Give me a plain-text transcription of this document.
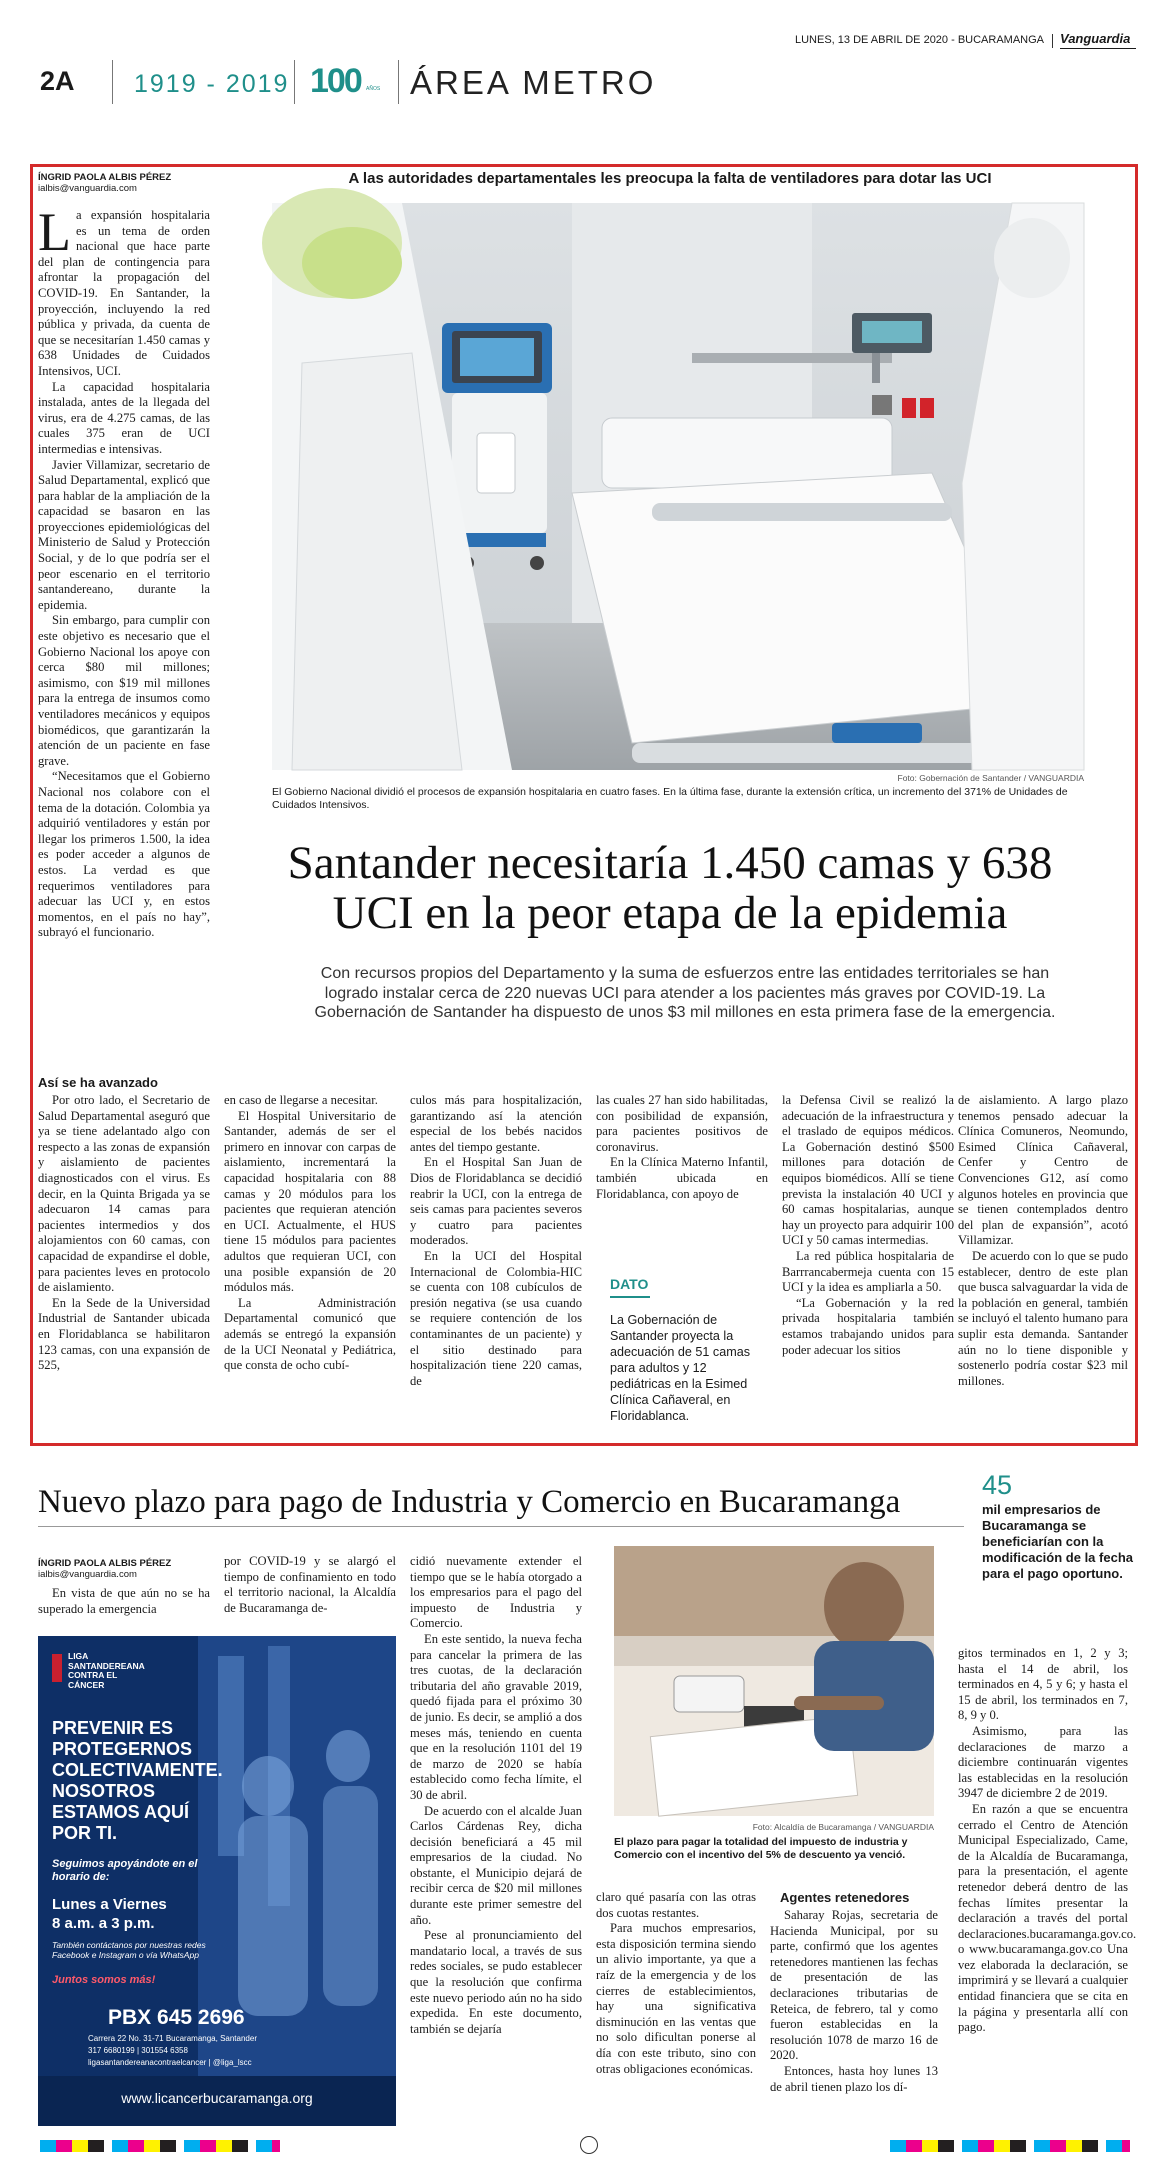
LUNES, 13 DE ABRIL DE 2020 - BUCARAMANGA Vanguardia
2A 1919 - 2019 100 AÑOS ÁREA METRO
ÍNGRID PAOLA ALBIS PÉREZ
ialbis@vanguardia.com

La expansión hospitalaria es un tema de orden nacional que hace parte del plan de contingencia para afrontar la propagación del COVID-19. En Santander, la proyección, incluyendo la red pública y privada, da cuenta de que se necesitarían 1.450 camas y 638 Unidades de Cuidados Intensivos, UCI.

La capacidad hospitalaria instalada, antes de la llegada del virus, era de 4.275 camas, de las cuales 375 eran de UCI intermedias e intensivas.

Javier Villamizar, secretario de Salud Departamental, explicó que para hablar de la ampliación de la capacidad se basaron en las proyecciones epidemiológicas del Ministerio de Salud y Protección Social, y de lo que podría ser el peor escenario en el territorio santandereano, durante la epidemia.

Sin embargo, para cumplir con este objetivo es necesario que el Gobierno Nacional los apoye con cerca $80 mil millones; asimismo, con $19 mil millones para la entrega de insumos como ventiladores mecánicos y equipos biomédicos, que garantizarán la atención de un paciente en fase grave.

“Necesitamos que el Gobierno Nacional nos colabore con el tema de la dotación. Colombia ya adquirió ventiladores y están por llegar los primeros 1.500, la idea es poder acceder a algunos de estos. La verdad es que requerimos ventiladores para adecuar las UCI y, en estos momentos, en el país no hay”, subrayó el funcionario.

A las autoridades departamentales les preocupa la falta de ventiladores para dotar las UCI
Foto: Gobernación de Santander / VANGUARDIA
El Gobierno Nacional dividió el procesos de expansión hospitalaria en cuatro fases. En la última fase, durante la extensión crítica, un incremento del 371% de Unidades de Cuidados Intensivos.
Santander necesitaría 1.450 camas y 638
UCI en la peor etapa de la epidemia
Con recursos propios del Departamento y la suma de esfuerzos entre las entidades territoriales se han logrado instalar cerca de 220 nuevas UCI para atender a los pacientes más graves por COVID-19. La Gobernación de Santander ha dispuesto de unos $3 mil millones en esta primera fase de la emergencia.
Así se ha avanzado

Por otro lado, el Secretario de Salud Departamental aseguró que ya se tiene adelantado algo con respecto a las zonas de expansión y aislamiento de pacientes diagnosticados con el virus. Es decir, en la Quinta Brigada ya se adecuaron 14 camas para pacientes intermedios y dos alojamientos con 60 camas, con capacidad de expandirse el doble, para pacientes leves en protocolo de aislamiento.

En la Sede de la Universidad Industrial de Santander ubicada en Floridablanca se habilitaron 123 camas, con una expansión de 525,

en caso de llegarse a necesitar.

El Hospital Universitario de Santander, además de ser el primero en innovar con carpas de aislamiento, incrementará la capacidad hospitalaria con 88 camas y 20 módulos para los pacientes que requieran atención en UCI. Actualmente, el HUS tiene 15 módulos para pacientes adultos que requieran UCI, con una posible expansión de 20 módulos más.

La Administración Departamental comunicó que además se entregó la expansión de la UCI Neonatal y Pediátrica, que consta de ocho cubí-

culos más para hospitalización, garantizando así la atención especial de los bebés nacidos antes del tiempo gestante.

En el Hospital San Juan de Dios de Floridablanca se decidió reabrir la UCI, con la entrega de seis camas para pacientes severos y cuatro para pacientes moderados.

En la UCI del Hospital Internacional de Colombia-HIC se cuenta con 108 cubículos de presión negativa (se usa cuando se requiere contención de los contaminantes de un paciente) y el sitio destinado para hospitalización tiene 220 camas, de

las cuales 27 han sido habilitadas, con posibilidad de expansión, para pacientes positivos de coronavirus.

En la Clínica Materno Infantil, también ubicada en Floridablanca, con apoyo de

DATO
La Gobernación de Santander proyecta la adecuación de 51 camas para adultos y 12 pediátricas en la Esimed Clínica Cañaveral, en Floridablanca.

la Defensa Civil se realizó la adecuación de la infraestructura y el traslado de equipos médicos. La Gobernación destinó $500 millones para dotación de equipos biomédicos. Allí se tiene prevista la instalación 40 UCI y 60 camas hospitalarias, aunque hay un proyecto para adquirir 100 UCI y 50 camas intermedias.

La red pública hospitalaria de Barrrancabermeja cuenta con 15 UCI y la idea es ampliarla a 50.

“La Gobernación y la red privada hospitalaria también estamos trabajando unidos para poder adecuar los sitios

de aislamiento. A largo plazo tenemos pensado adecuar la Clínica Comuneros, Neomundo, Esimed Clínica Cañaveral, Cenfer y Centro de Convenciones G12, así como algunos hoteles en provincia que se tienen contemplados dentro del plan de expansión”, acotó Villamizar.

De acuerdo con lo que se pudo establecer, dentro de este plan que busca salvaguardar la vida de la población en general, también se incluyó el talento humano para suplir esta demanda. Santander aún no lo tiene disponible y sostenerlo podría costar $23 mil millones.

Nuevo plazo para pago de Industria y Comercio en Bucaramanga	45
mil empresarios de Bucaramanga se beneficiarían con la modificación de la fecha para el pago oportuno.
ÍNGRID PAOLA ALBIS PÉREZ
ialbis@vanguardia.com

En vista de que aún no se ha superado la emergencia

por COVID-19 y se alargó el tiempo de confinamiento en todo el territorio nacional, la Alcaldía de Bucaramanga de-

LIGA
SANTANDEREANA
CONTRA EL
CÁNCER
PREVENIR ES PROTEGERNOS COLECTIVAMENTE. NOSOTROS ESTAMOS AQUÍ POR TI.
Seguimos apoyándote en el horario de:
Lunes a Viernes
8 a.m. a 3 p.m.
También contáctanos por nuestras redes Facebook e Instagram o vía WhatsApp
Juntos somos más!
PBX 645 2696
Carrera 22 No. 31-71 Bucaramanga, Santander
317 6680199 | 301554 6358
ligasantandereanacontraelcancer | @liga_lscc
www.licancerbucaramanga.org

cidió nuevamente extender el tiempo que se le había otorgado a los empresarios para el pago del impuesto de Industria y Comercio.

En este sentido, la nueva fecha para cancelar la primera de las tres cuotas, de la declaración tributaria del año gravable 2019, quedó fijada para el próximo 30 de junio. Es decir, se amplió a dos meses más, teniendo en cuenta que en la resolución 1101 del 19 de marzo de 2020 se había establecido como fecha límite, el 30 de abril.

De acuerdo con el alcalde Juan Carlos Cárdenas Rey, dicha decisión beneficiará a 45 mil empresarios de la ciudad. No obstante, el Municipio dejará de recibir cerca de $20 mil millones durante este primer semestre del año.

Pese al pronunciamiento del mandatario local, a través de sus redes sociales, se pudo establecer que la resolución que confirma este nuevo periodo aún no ha sido expedida. En este documento, también se dejaría

Foto: Alcaldía de Bucaramanga / VANGUARDIA
El plazo para pagar la totalidad del impuesto de industria y Comercio con el incentivo del 5% de descuento ya venció.

claro qué pasaría con las otras dos cuotas restantes.

Para muchos empresarios, esta disposición termina siendo un alivio importante, ya que a raíz de la emergencia y de los cierres de establecimientos, hay una significativa disminución en las ventas que no solo dificultan ponerse al día con este tributo, sino con otras obligaciones económicas.

Agentes retenedores

Saharay Rojas, secretaria de Hacienda Municipal, por su parte, confirmó que los agentes retenedores mantienen las fechas de presentación de las declaraciones tributarias de Reteica, de febrero, tal y como fueron establecidas en la resolución 1078 de marzo 16 de 2020.

Entonces, hasta hoy lunes 13 de abril tienen plazo los dí-

gitos terminados en 1, 2 y 3; hasta el 14 de abril, los terminados en 4, 5 y 6; y hasta el 15 de abril, los terminados en 7, 8, 9 y 0.

Asimismo, para las declaraciones de marzo a diciembre continuarán vigentes las establecidas en la resolución 3947 de diciembre 2 de 2019.

En razón a que se encuentra cerrado el Centro de Atención Municipal Especializado, Came, de la Alcaldía de Bucaramanga, para la presentación, el agente retenedor deberá dentro de las fechas límites presentar la declaración a través del portal declaraciones.bucaramanga.gov.co. o www.bucaramanga.gov.co Una vez elaborada la declaración, se imprimirá y se llevará a cualquier entidad financiera que se cita en la página y presentarla allí con pago.
